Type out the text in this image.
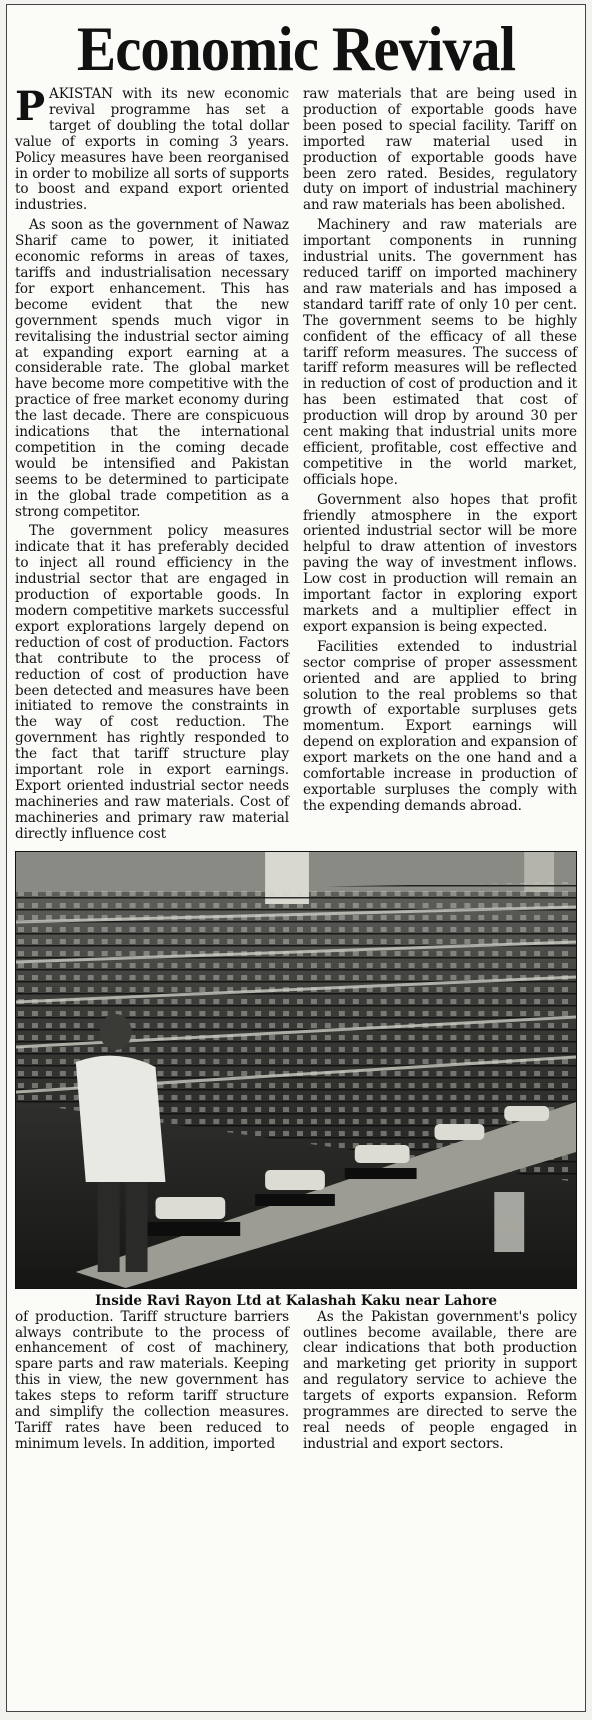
Economic Revival

PAKISTAN with its new economic revival programme has set a target of doubling the total dollar value of exports in coming 3 years. Policy measures have been reorganised in order to mobilize all sorts of supports to boost and expand export oriented industries.

As soon as the government of Nawaz Sharif came to power, it initiated economic reforms in areas of taxes, tariffs and industrialisation necessary for export enhancement. This has become evident that the new government spends much vigor in revitalising the industrial sector aiming at expanding export earning at a considerable rate. The global market have become more competitive with the practice of free market economy during the last decade. There are conspicuous indications that the international competition in the coming decade would be intensified and Pakistan seems to be determined to participate in the global trade competition as a strong competitor.

The government policy measures indicate that it has preferably decided to inject all round efficiency in the industrial sector that are engaged in production of exportable goods. In modern competitive markets successful export explorations largely depend on reduction of cost of production. Factors that contribute to the process of reduction of cost of production have been detected and measures have been initiated to remove the constraints in the way of cost reduction. The government has rightly responded to the fact that tariff structure play important role in export earnings. Export oriented industrial sector needs machineries and raw materials. Cost of machineries and primary raw material directly influence cost

raw materials that are being used in production of exportable goods have been posed to special facility. Tariff on imported raw material used in production of exportable goods have been zero rated. Besides, regulatory duty on import of industrial machinery and raw materials has been abolished.

Machinery and raw materials are important components in running industrial units. The government has reduced tariff on imported machinery and raw materials and has imposed a standard tariff rate of only 10 per cent. The government seems to be highly confident of the efficacy of all these tariff reform measures. The success of tariff reform measures will be reflected in reduction of cost of production and it has been estimated that cost of production will drop by around 30 per cent making that industrial units more efficient, profitable, cost effective and competitive in the world market, officials hope.

Government also hopes that profit friendly atmosphere in the export oriented industrial sector will be more helpful to draw attention of investors paving the way of investment inflows. Low cost in production will remain an important factor in exploring export markets and a multiplier effect in export expansion is being expected.

Facilities extended to industrial sector comprise of proper assessment oriented and are applied to bring solution to the real problems so that growth of exportable surpluses gets momentum. Export earnings will depend on exploration and expansion of export markets on the one hand and a comfortable increase in production of exportable surpluses the comply with the expending demands abroad.

Inside Ravi Rayon Ltd at Kalashah Kaku near Lahore

of production. Tariff structure barriers always contribute to the process of enhancement of cost of machinery, spare parts and raw materials. Keeping this in view, the new government has takes steps to reform tariff structure and simplify the collection measures. Tariff rates have been reduced to minimum levels. In addition, imported

As the Pakistan government's policy outlines become available, there are clear indications that both production and marketing get priority in support and regulatory service to achieve the targets of exports expansion. Reform programmes are directed to serve the real needs of people engaged in industrial and export sectors.
